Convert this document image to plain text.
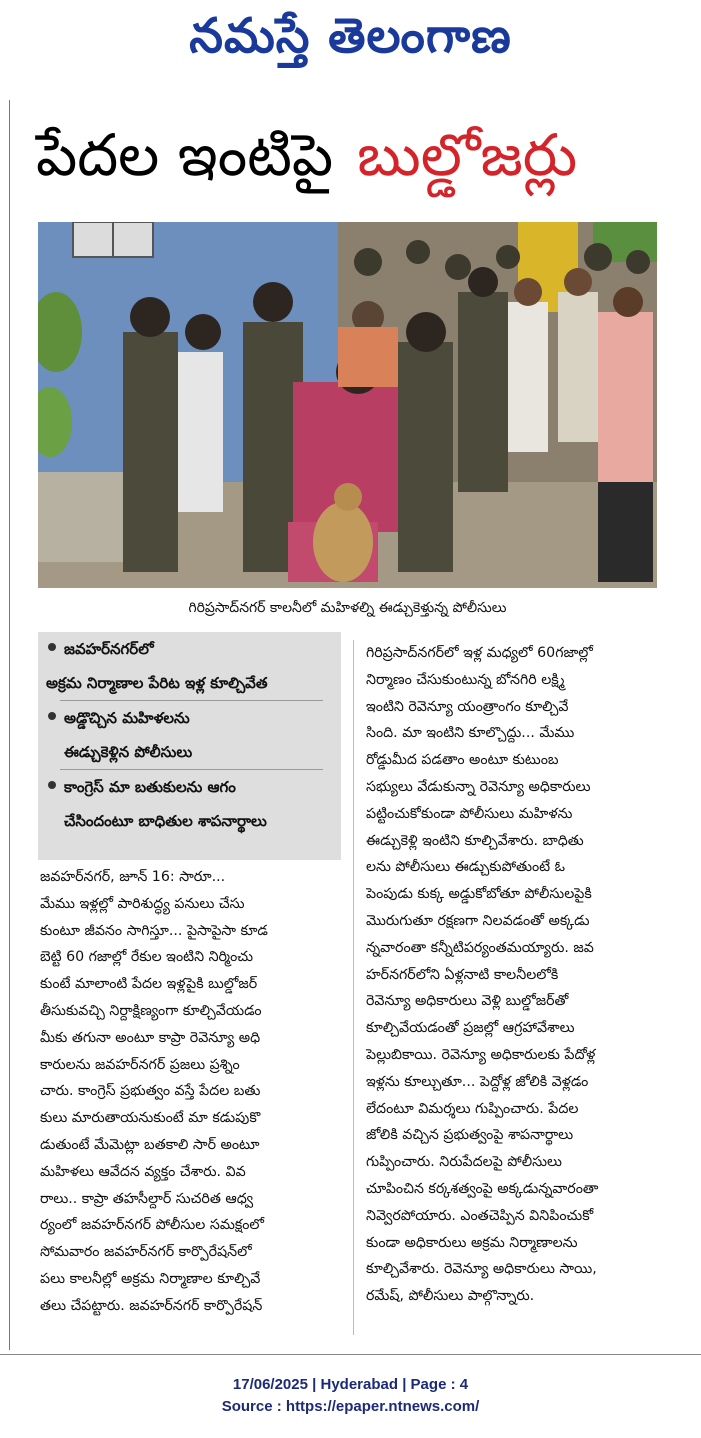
నమస్తే తెలంగాణ
పేదల ఇంటిపై బుల్డోజర్లు
గిరిప్రసాద్‌నగర్ కాలనీలో మహిళల్ని ఈడ్చుకెళ్తున్న పోలీసులు
జవహర్‌నగర్‌లో
అక్రమ నిర్మాణాల పేరిట ఇళ్ల కూల్చివేత
అడ్డొచ్చిన మహిళలను
ఈడ్చుకెళ్లిన పోలీసులు
కాంగ్రెస్ మా బతుకులను ఆగం
చేసిందంటూ బాధితుల శాపనార్థాలు
జవహర్‌నగర్, జూన్ 16: సారూ...
మేము ఇళ్లల్లో పారిశుద్ధ్య పనులు చేసు
కుంటూ జీవనం సాగిస్తూ... పైసాపైసా కూడ
బెట్టి 60 గజాల్లో రేకుల ఇంటిని నిర్మించు
కుంటే మాలాంటి పేదల ఇళ్లపైకి బుల్డోజర్
తీసుకువచ్చి నిర్దాక్షిణ్యంగా కూల్చివేయడం
మీకు తగునా అంటూ కాప్రా రెవెన్యూ అధి
కారులను జవహర్‌నగర్ ప్రజలు ప్రశ్నిం
చారు. కాంగ్రెస్ ప్రభుత్వం వస్తే పేదల బతు
కులు మారుతాయనుకుంటే మా కడుపుకొ
డుతుంటే మేమెట్లా బతకాలి సార్ అంటూ
మహిళలు ఆవేదన వ్యక్తం చేశారు. వివ
రాలు.. కాప్రా తహసీల్దార్ సుచరిత ఆధ్వ
ర్యంలో జవహర్‌నగర్ పోలీసుల సమక్షంలో
సోమవారం జవహర్‌నగర్ కార్పొరేషన్‌లో
పలు కాలనీల్లో అక్రమ నిర్మాణాల కూల్చివే
తలు చేపట్టారు. జవహర్‌నగర్ కార్పొరేషన్
గిరిప్రసాద్‌నగర్‌లో ఇళ్ల మధ్యలో 60గజాల్లో
నిర్మాణం చేసుకుంటున్న బోనగిరి లక్ష్మి
ఇంటిని రెవెన్యూ యంత్రాంగం కూల్చివే
సింది. మా ఇంటిని కూల్చొద్దు... మేము
రోడ్డుమీద పడతాం అంటూ కుటుంబ
సభ్యులు వేడుకున్నా రెవెన్యూ అధికారులు
పట్టించుకోకుండా పోలీసులు మహిళను
ఈడ్చుకెళ్లి ఇంటిని కూల్చివేశారు. బాధితు
లను పోలీసులు ఈడ్చుకుపోతుంటే ఓ
పెంపుడు కుక్క అడ్డుకోబోతూ పోలీసులపైకి
మొరుగుతూ రక్షణగా నిలవడంతో అక్కడు
న్నవారంతా కన్నీటిపర్యంతమయ్యారు. జవ
హర్‌నగర్‌లోని ఏళ్లనాటి కాలనీలలోకి
రెవెన్యూ అధికారులు వెళ్లి బుల్డోజర్‌తో
కూల్చివేయడంతో ప్రజల్లో ఆగ్రహావేశాలు
పెల్లుబికాయి. రెవెన్యూ అధికారులకు పేదోళ్ల
ఇళ్లను కూల్చుతూ... పెద్దోళ్ల జోలికి వెళ్లడం
లేదంటూ విమర్శలు గుప్పించారు. పేదల
జోలికి వచ్చిన ప్రభుత్వంపై శాపనార్థాలు
గుప్పించారు. నిరుపేదలపై పోలీసులు
చూపించిన కర్కశత్వంపై అక్కడున్నవారంతా
నివ్వెరపోయారు. ఎంతచెప్పిన వినిపించుకో
కుండా అధికారులు అక్రమ నిర్మాణాలను
కూల్చివేశారు. రెవెన్యూ అధికారులు సాయి,
రమేష్, పోలీసులు పాల్గొన్నారు.
17/06/2025 | Hyderabad | Page : 4
Source : https://epaper.ntnews.com/
